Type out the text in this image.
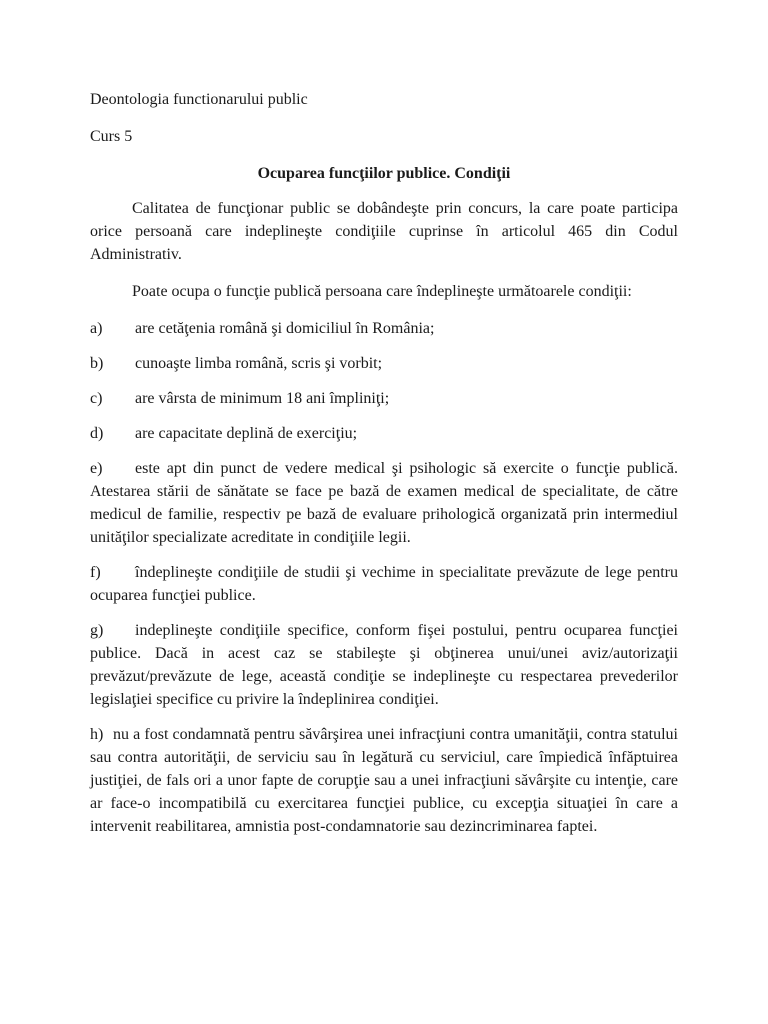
Deontologia functionarului public
Curs 5
Ocuparea funcţiilor publice. Condiţii
Calitatea de funcţionar public se dobândeşte prin concurs, la care poate participa orice persoană care indeplineşte condiţiile cuprinse în articolul 465 din Codul Administrativ.
Poate ocupa o funcţie publică persoana care îndeplineşte următoarele condiţii:
a) are cetăţenia română şi domiciliul în România;
b) cunoaşte limba română, scris şi vorbit;
c) are vârsta de minimum 18 ani împliniţi;
d) are capacitate deplină de exerciţiu;
e) este apt din punct de vedere medical şi psihologic să exercite o funcţie publică. Atestarea stării de sănătate se face pe bază de examen medical de specialitate, de către medicul de familie, respectiv pe bază de evaluare prihologică organizată prin intermediul unităţilor specializate acreditate in condiţiile legii.
f) îndeplineşte condiţiile de studii şi vechime in specialitate prevăzute de lege pentru ocuparea funcţiei publice.
g) indeplineşte condiţiile specifice, conform fişei postului, pentru ocuparea funcţiei publice. Dacă in acest caz se stabileşte şi obţinerea unui/unei aviz/autorizaţii prevăzut/prevăzute de lege, această condiţie se indeplineşte cu respectarea prevederilor legislaţiei specifice cu privire la îndeplinirea condiţiei.
h) nu a fost condamnată pentru săvârşirea unei infracţiuni contra umanităţii, contra statului sau contra autorităţii, de serviciu sau în legătură cu serviciul, care împiedică înfăptuirea justiţiei, de fals ori a unor fapte de corupţie sau a unei infracţiuni săvârşite cu intenţie, care ar face-o incompatibilă cu exercitarea funcţiei publice, cu excepţia situaţiei în care a intervenit reabilitarea, amnistia post-condamnatorie sau dezincriminarea faptei.
